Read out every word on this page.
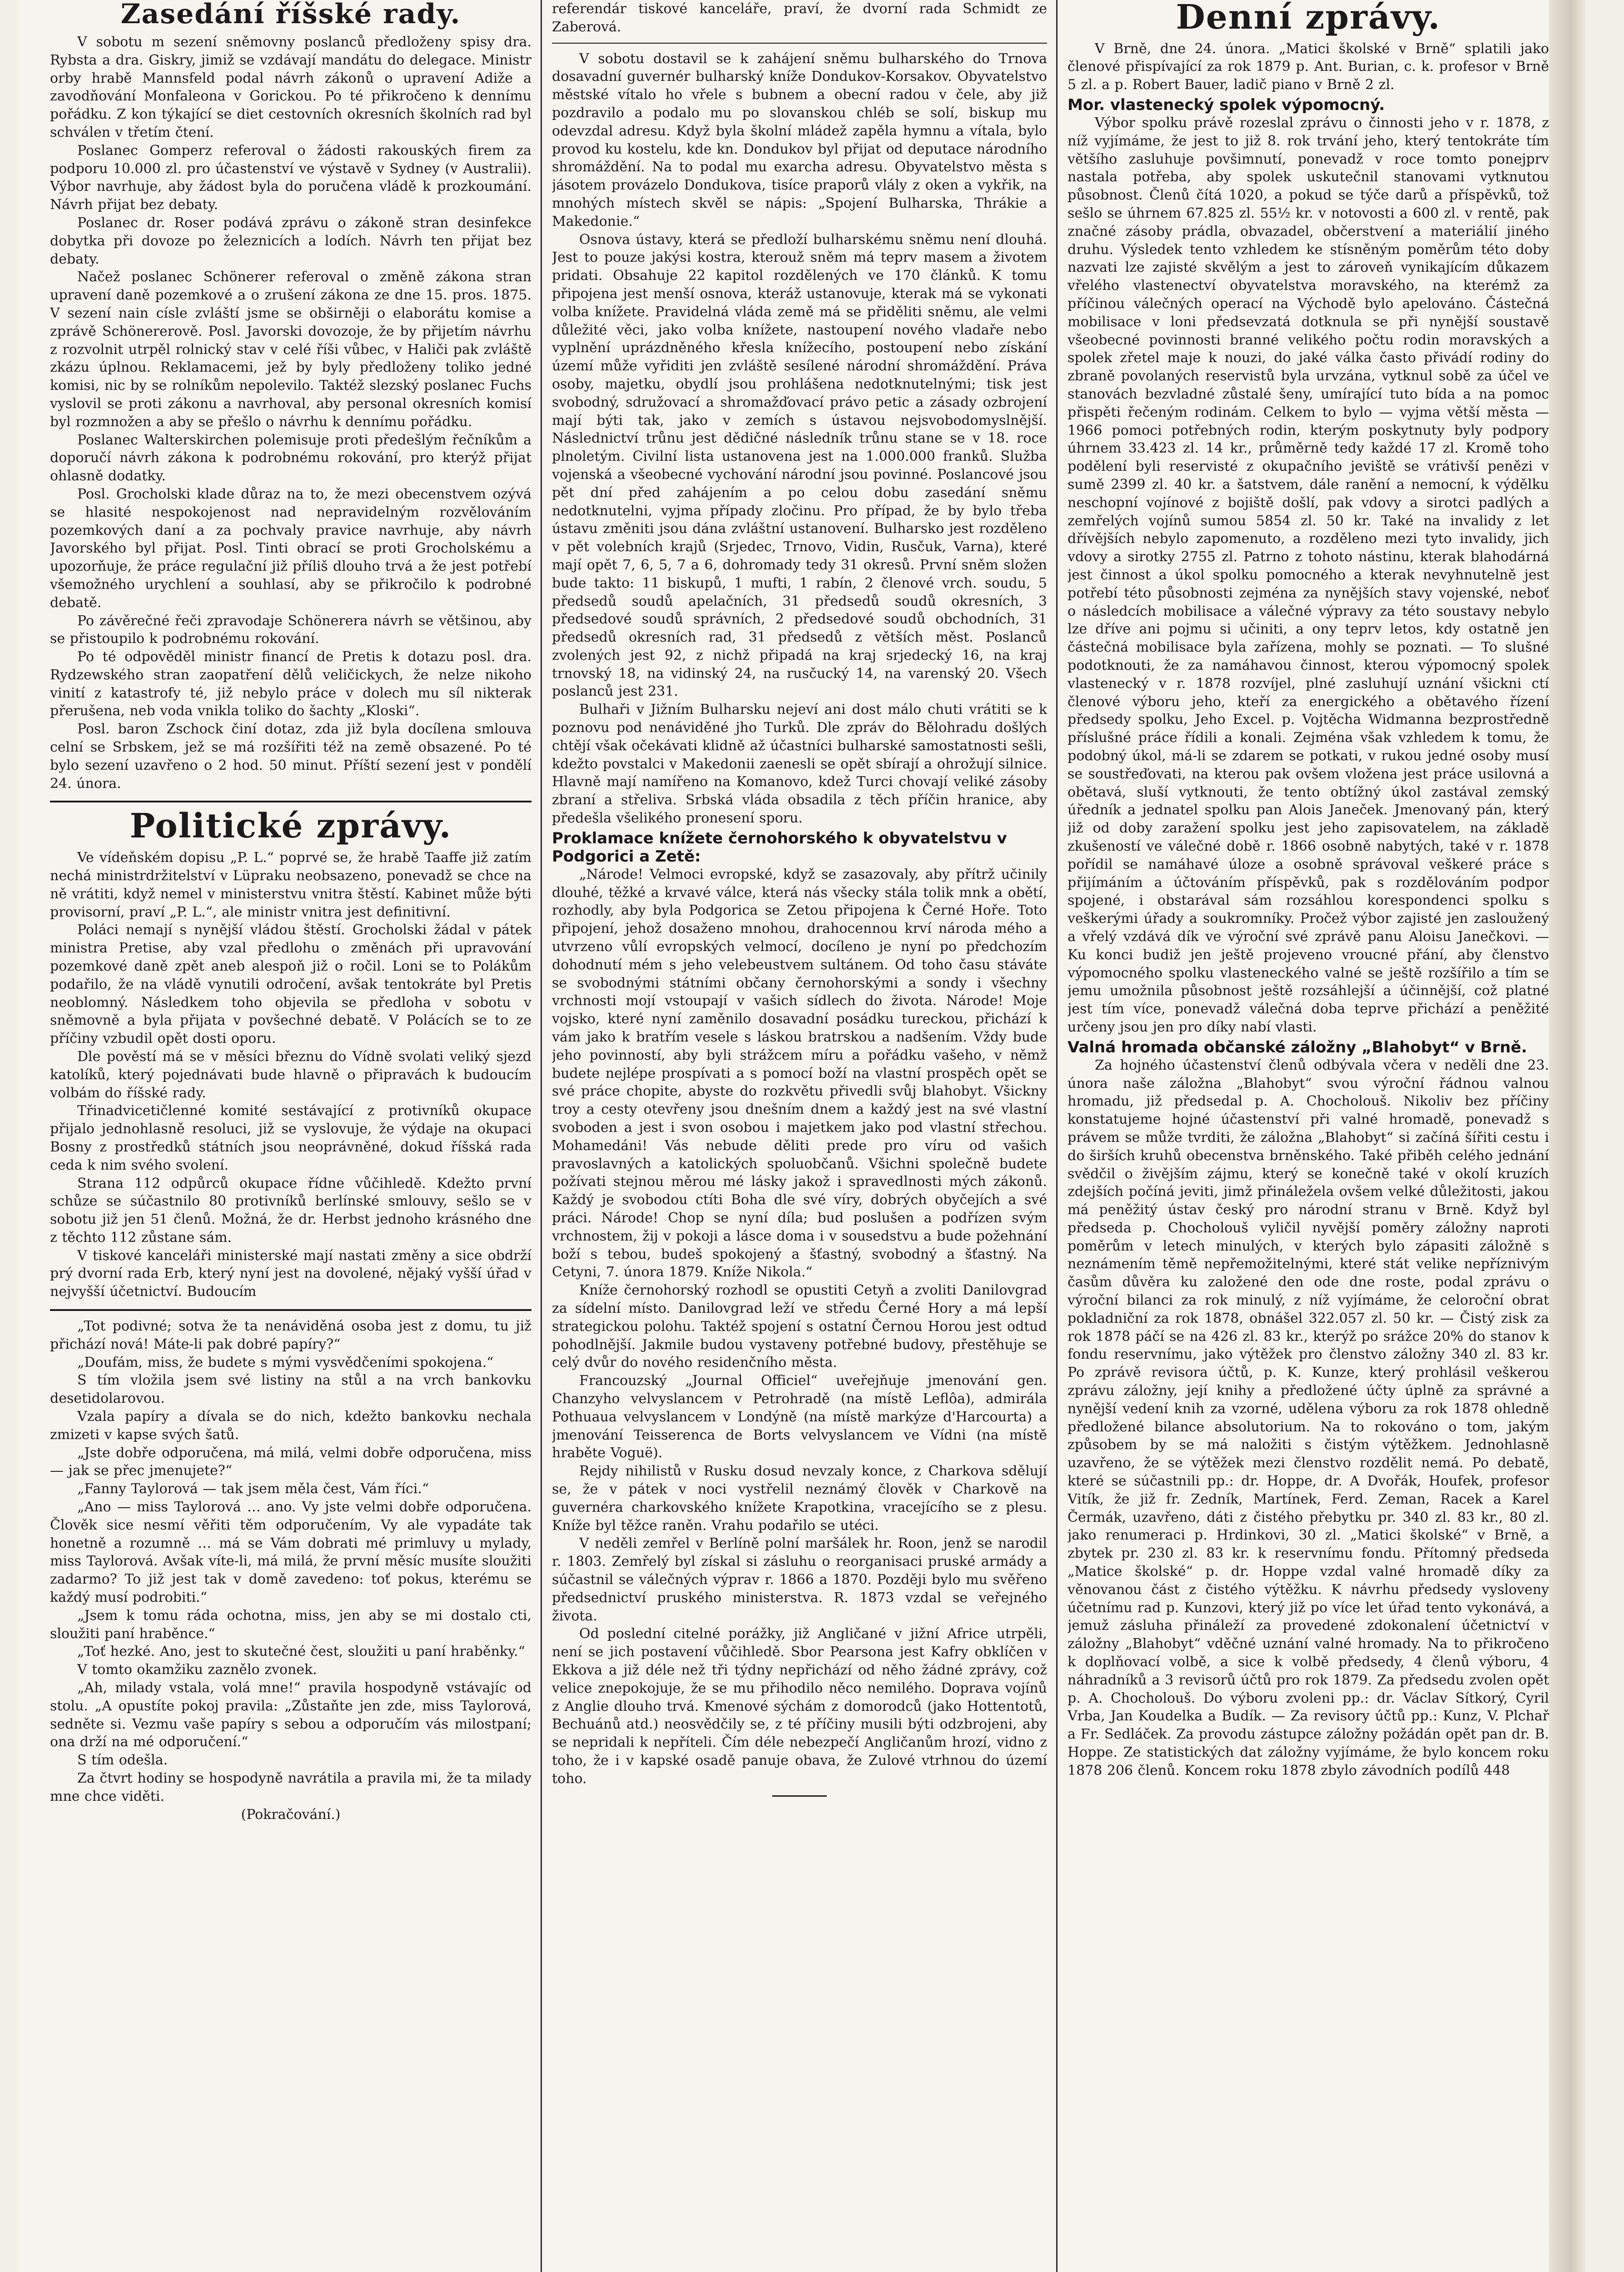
Zasedání říšské rady.

V sobotu m sezení sněmovny poslanců předloženy spisy dra. Rybsta a dra. Giskry, jimiž se vzdávají mandátu do delegace. Ministr orby hrabě Mannsfeld podal návrh zákonů o upravení Adiže a zavodňování Monfaleona v Gorickou. Po té přikročeno k dennímu pořádku. Z kon týkající se diet cestovních okresních školních rad byl schválen v třetím čtení.

Poslanec Gomperz referoval o žádosti rakouských firem za podporu 10.000 zl. pro účastenství ve výstavě v Sydney (v Australii). Výbor navrhuje, aby žádost byla do poručena vládě k prozkoumání. Návrh přijat bez debaty.

Poslanec dr. Roser podává zprávu o zákoně stran desinfekce dobytka při dovoze po železnicích a lodích. Návrh ten přijat bez debaty.

Načež poslanec Schönerer referoval o změně zákona stran upravení daně pozemkové a o zrušení zákona ze dne 15. pros. 1875. V sezení nain císle zvláští jsme se obširněji o elaborátu komise a zprávě Schönererově. Posl. Javorski dovozoje, že by přijetím návrhu z rozvolnit utrpěl rolnický stav v celé říši vůbec, v Haliči pak zvláště zkázu úplnou. Reklamacemi, jež by byly předloženy toliko jedné komisi, nic by se rolníkům nepolevilo. Taktéž slezský poslanec Fuchs vyslovil se proti zákonu a navrhoval, aby personal okresních komisí byl rozmnožen a aby se přešlo o návrhu k dennímu pořádku.

Poslanec Walterskirchen polemisuje proti předešlým řečníkům a doporučí návrh zákona k podrobnému rokování, pro kterýž přijat ohlasně dodatky.

Posl. Grocholski klade důraz na to, že mezi obecenstvem ozývá se hlasité nespokojenost nad nepravidelným rozvělováním pozemkových daní a za pochvaly pravice navrhuje, aby návrh Javorského byl přijat. Posl. Tinti obrací se proti Grocholskému a upozorňuje, že práce regulační již příliš dlouho trvá a že jest potřebí všemožného urychlení a souhlasí, aby se přikročilo k podrobné debatě.

Po závěrečné řeči zpravodaje Schönerera návrh se většinou, aby se přistoupilo k podrobnému rokování.

Po té odpověděl ministr financí de Pretis k dotazu posl. dra. Rydzewského stran zaopatření dělů veličickych, že nelze nikoho vinití z katastrofy té, již nebylo práce v dolech mu síl nikterak přerušena, neb voda vnikla toliko do šachty „Kloski“.

Posl. baron Zschock činí dotaz, zda již byla docílena smlouva celní se Srbskem, jež se má rozšířiti též na země obsazené. Po té bylo sezení uzavřeno o 2 hod. 50 minut. Příští sezení jest v pondělí 24. února.

Politické zprávy.

Ve vídeňském dopisu „P. L.“ poprvé se, že hrabě Taaffe již zatím nechá ministrdržitelství v Lüpraku neobsazeno, ponevadž se chce na ně vrátiti, když nemel v ministerstvu vnitra štěstí. Kabinet může býti provisorní, praví „P. L.“, ale ministr vnitra jest definitivní.

Poláci nemají s nynější vládou štěstí. Grocholski žádal v pátek ministra Pretise, aby vzal předlohu o změnách při upravování pozemkové daně zpět aneb alespoň již o ročil. Loni se to Polákům podařilo, že na vládě vynutili odročení, avšak tentokráte byl Pretis neoblomný. Následkem toho objevila se předloha v sobotu v sněmovně a byla přijata v povšechné debatě. V Polácích se to ze příčiny vzbudil opět dosti oporu.

Dle pověstí má se v měsíci březnu do Vídně svolati veliký sjezd katolíků, který pojednávati bude hlavně o připravách k budoucím volbám do říšské rady.

Třinadvicetičlenné komité sestávající z protivníků okupace přijalo jednohlasně resoluci, již se vyslovuje, že výdaje na okupaci Bosny z prostředků státních jsou neoprávněné, dokud říšská rada ceda k nim svého svolení.

Strana 112 odpůrců okupace řídne vůčihledě. Kdežto první schůze se súčastnilo 80 protivníků berlínské smlouvy, sešlo se v sobotu již jen 51 členů. Možná, že dr. Herbst jednoho krásného dne z těchto 112 zůstane sám.

V tiskové kanceláři ministerské mají nastati změny a sice obdrží prý dvorní rada Erb, který nyní jest na dovolené, nějaký vyšší úřad v nejvyšší účetnictví. Budoucím

„Tot podivné; sotva že ta nenáviděná osoba jest z domu, tu již přichází nová! Máte-li pak dobré papíry?“

„Doufám, miss, že budete s mými vysvědčeními spokojena.“

S tím vložila jsem své listiny na stůl a na vrch bankovku desetidolarovou.

Vzala papíry a dívala se do nich, kdežto bankovku nechala zmizeti v kapse svých šatů.

„Jste dobře odporučena, má milá, velmi dobře odporučena, miss — jak se přec jmenujete?“

„Fanny Taylorová — tak jsem měla čest, Vám říci.“

„Ano — miss Taylorová … ano. Vy jste velmi dobře odporučena. Člověk sice nesmí věřiti těm odporučením, Vy ale vypadáte tak honetně a rozumně … má se Vám dobrati mé primluvy u mylady, miss Taylorová. Avšak víte-li, má milá, že první měsíc musíte sloužiti zadarmo? To již jest tak v domě zavedeno: toť pokus, kterému se každý musí podrobiti.“

„Jsem k tomu ráda ochotna, miss, jen aby se mi dostalo cti, sloužiti paní hraběnce.“

„Toť hezké. Ano, jest to skutečné čest, sloužiti u paní hraběnky.“

V tomto okamžiku zaznělo zvonek.

„Ah, milady vstala, volá mne!“ pravila hospodyně vstávajíc od stolu. „A opustíte pokoj pravila: „Zůstaňte jen zde, miss Taylorová, sedněte si. Vezmu vaše papíry s sebou a odporučím vás milostpaní; ona drží na mé odporučení.“

S tím odešla.

Za čtvrt hodiny se hospodyně navrátila a pravila mi, že ta milady mne chce viděti.

(Pokračování.)

referendár tiskové kanceláře, praví, že dvorní rada Schmidt ze Zaberová.

V sobotu dostavil se k zahájení sněmu bulharského do Trnova dosavadní guvernér bulharský kníže Dondukov-Korsakov. Obyvatelstvo městské vítalo ho vřele s bubnem a obecní radou v čele, aby již pozdravilo a podalo mu po slovanskou chléb se solí, biskup mu odevzdal adresu. Když byla školní mládež zapěla hymnu a vítala, bylo provod ku kostelu, kde kn. Dondukov byl přijat od deputace národního shromáždění. Na to podal mu exarcha adresu. Obyvatelstvo města s jásotem provázelo Dondukova, tisíce praporů vlály z oken a vykřik, na mnohých místech skvěl se nápis: „Spojení Bulharska, Thrákie a Makedonie.“

Osnova ústavy, která se předloží bulharskému sněmu není dlouhá. Jest to pouze jakýsi kostra, kterouž sněm má teprv masem a životem pridati. Obsahuje 22 kapitol rozdělených ve 170 článků. K tomu připojena jest menší osnova, kteráž ustanovuje, kterak má se vykonati volba knížete. Pravidelná vláda země má se přiděliti sněmu, ale velmi důležité věci, jako volba knížete, nastoupení nového vladaře nebo vyplnění uprázdněného křesla knížecího, postoupení nebo získání území může vyřiditi jen zvláště sesílené národní shromáždění. Práva osoby, majetku, obydlí jsou prohlášena nedotknutelnými; tisk jest svobodný, sdružovací a shromažďovací právo petic a zásady ozbrojení mají býti tak, jako v zemích s ústavou nejsvobodomyslnější. Následnictví trůnu jest dědičné následník trůnu stane se v 18. roce plnoletým. Civilní lista ustanovena jest na 1.000.000 franků. Služba vojenská a všeobecné vychování národní jsou povinné. Poslancové jsou pět dní před zahájením a po celou dobu zasedání sněmu nedotknutelni, vyjma případy zločinu. Pro případ, že by bylo třeba ústavu změniti jsou dána zvláštní ustanovení. Bulharsko jest rozděleno v pět volebních krajů (Srjedec, Trnovo, Vidin, Rusčuk, Varna), které mají opět 7, 6, 5, 7 a 6, dohromady tedy 31 okresů. První sněm složen bude takto: 11 biskupů, 1 mufti, 1 rabín, 2 členové vrch. soudu, 5 předsedů soudů apelačních, 31 předsedů soudů okresních, 3 předsedové soudů správních, 2 předsedové soudů obchodních, 31 předsedů okresních rad, 31 předsedů z větších měst. Poslanců zvolených jest 92, z nichž připadá na kraj srjedecký 16, na kraj trnovský 18, na vidinský 24, na rusčucký 14, na varenský 20. Všech poslanců jest 231.

Bulhaři v Jižním Bulharsku nejeví ani dost málo chuti vrátiti se k poznovu pod nenáviděné jho Turků. Dle zpráv do Bělohradu došlých chtějí však očekávati klidně až účastníci bulharské samostatnosti sešli, kdežto povstalci v Makedonii zaenesli se opět sbírají a ohrožují silnice. Hlavně mají namířeno na Komanovo, kdež Turci chovají veliké zásoby zbraní a střeliva. Srbská vláda obsadila z těch příčin hranice, aby předešla všelikého pronesení sporu.

Proklamace knížete černohorského k obyvatelstvu v Podgorici a Zetě:

„Národe! Velmoci evropské, když se zasazovaly, aby přítrž učinily dlouhé, těžké a krvavé válce, která nás všecky stála tolik mnk a obětí, rozhodly, aby byla Podgorica se Zetou připojena k Černé Hoře. Toto připojení, jehož dosaženo mnohou, drahocennou krví národa mého a utvrzeno vůlí evropských velmocí, docíleno je nyní po předchozím dohodnutí mém s jeho velebeustvem sultánem. Od toho času stáváte se svobodnými státními občany černohorskými a sondy i všechny vrchnosti mojí vstoupají v vašich sídlech do života. Národe! Moje vojsko, které nyní zaměnilo dosavadní posádku tureckou, přichází k vám jako k bratřím vesele s láskou bratrskou a nadšením. Vždy bude jeho povinností, aby byli strážcem míru a pořádku vašeho, v němž budete nejlépe prospívati a s pomocí boží na vlastní prospěch opět se své práce chopite, abyste do rozkvětu přivedli svůj blahobyt. Všickny troy a cesty otevřeny jsou dnešním dnem a každý jest na své vlastní svoboden a jest i svon osobou i majetkem jako pod vlastní střechou. Mohamedáni! Vás nebude děliti prede pro víru od vašich pravoslavných a katolických spoluobčanů. Všichni společně budete požívati stejnou měrou mé lásky jakož i spravedlnosti mých zákonů. Každý je svobodou ctíti Boha dle své víry, dobrých obyčejích a své práci. Národe! Chop se nyní díla; bud poslušen a podřízen svým vrchnostem, žij v pokoji a lásce doma i v sousedstvu a bude požehnání boží s tebou, budeš spokojený a šťastný, svobodný a šťastný. Na Cetyni, 7. února 1879. Kníže Nikola.“

Kníže černohorský rozhodl se opustiti Cetyň a zvoliti Danilovgrad za sídelní místo. Danilovgrad leží ve středu Černé Hory a má lepší strategickou polohu. Taktéž spojení s ostatní Černou Horou jest odtud pohodlnější. Jakmile budou vystaveny potřebné budovy, přestěhuje se celý dvůr do nového residenčního města.

Francouzský „Journal Officiel“ uveřejňuje jmenování gen. Chanzyho velvyslancem v Petrohradě (na místě Leflôa), admirála Pothuaua velvyslancem v Londýně (na místě markýze d'Harcourta) a jmenování Teisserenca de Borts velvyslancem ve Vídni (na místě hraběte Voguë).

Rejdy nihilistů v Rusku dosud nevzaly konce, z Charkova sdělují se, že v pátek v noci vystřelil neznámý člověk v Charkově na guvernéra charkovského knížete Krapotkina, vracejícího se z plesu. Kníže byl těžce raněn. Vrahu podařilo se utéci.

V neděli zemřel v Berlíně polní maršálek hr. Roon, jenž se narodil r. 1803. Zemřelý byl získal si zásluhu o reorganisaci pruské armády a súčastnil se válečných výprav r. 1866 a 1870. Později bylo mu svěřeno předsednictví pruského ministerstva. R. 1873 vzdal se veřejného života.

Od poslední citelné porážky, již Angličané v jižní Africe utrpěli, není se jich postavení vůčihledě. Sbor Pearsona jest Kafry obklíčen v Ekkova a již déle než tři týdny nepřichází od něho žádné zprávy, což velice znepokojuje, že se mu přihodilo něco nemilého. Doprava vojínů z Anglie dlouho trvá. Kmenové sýchám z domorodců (jako Hottentotů, Bechuánů atd.) neosvědčily se, z té příčiny musili býti odzbrojeni, aby se nepridali k nepříteli. Čím déle nebezpečí Angličanům hrozí, vidno z toho, že i v kapské osadě panuje obava, že Zulové vtrhnou do území toho.

Denní zprávy.

V Brně, dne 24. února. „Matici školské v Brně“ splatili jako členové přispívající za rok 1879 p. Ant. Burian, c. k. profesor v Brně 5 zl. a p. Robert Bauer, ladič piano v Brně 2 zl.

Mor. vlastenecký spolek výpomocný.

Výbor spolku právě rozeslal zprávu o činnosti jeho v r. 1878, z níž vyjímáme, že jest to již 8. rok trvání jeho, který tentokráte tím většího zasluhuje povšimnutí, ponevadž v roce tomto ponejprv nastala potřeba, aby spolek uskutečnil stanovami vytknutou působnost. Členů čítá 1020, a pokud se týče darů a příspěvků, tož sešlo se úhrnem 67.825 zl. 55½ kr. v notovosti a 600 zl. v rentě, pak značné zásoby prádla, obvazadel, občerstvení a materiálií jiného druhu. Výsledek tento vzhledem ke stísněným poměrům této doby nazvati lze zajisté skvělým a jest to zároveň vynikajícím důkazem vřelého vlastenectví obyvatelstva moravského, na kterémž za příčinou válečných operací na Východě bylo apelováno. Částečná mobilisace v loni předsevzatá dotknula se při nynější soustavě všeobecné povinnosti branné velikého počtu rodin moravských a spolek zřetel maje k nouzi, do jaké válka často přivádí rodiny do zbraně povolaných reservistů byla urvzána, vytknul sobě za účel ve stanovách bezvladné zůstalé šeny, umírající tuto bída a na pomoc přispěti řečeným rodinám. Celkem to bylo — vyjma větší města — 1966 pomoci potřebných rodin, kterým poskytnuty byly podpory úhrnem 33.423 zl. 14 kr., průměrně tedy každé 17 zl. Kromě toho podělení byli reservisté z okupačního jeviště se vrátivší penězi v sumě 2399 zl. 40 kr. a šatstvem, dále ranění a nemocní, k výdělku neschopní vojínové z bojiště došlí, pak vdovy a sirotci padlých a zemřelých vojínů sumou 5854 zl. 50 kr. Také na invalidy z let dřívějších nebylo zapomenuto, a rozděleno mezi tyto invalidy, jich vdovy a sirotky 2755 zl. Patrno z tohoto nástinu, kterak blahodárná jest činnost a úkol spolku pomocného a kterak nevyhnutelně jest potřebí této působnosti zejména za nynějších stavy vojenské, neboť o následcích mobilisace a válečné výpravy za této soustavy nebylo lze dříve ani pojmu si učiniti, a ony teprv letos, kdy ostatně jen částečná mobilisace byla zařízena, mohly se poznati. — To slušné podotknouti, že za namáhavou činnost, kterou výpomocný spolek vlastenecký v r. 1878 rozvíjel, plné zasluhují uznání všickni ctí členové výboru jeho, kteří za energického a obětavého řízení předsedy spolku, Jeho Excel. p. Vojtěcha Widmanna bezprostředně příslušné práce řídili a konali. Zejména však vzhledem k tomu, že podobný úkol, má-li se zdarem se potkati, v rukou jedné osoby musí se soustřeďovati, na kterou pak ovšem vložena jest práce usilovná a obětavá, sluší vytknouti, že tento obtížný úkol zastával zemský úředník a jednatel spolku pan Alois Janeček. Jmenovaný pán, který již od doby zaražení spolku jest jeho zapisovatelem, na základě zkušeností ve válečné době r. 1866 osobně nabytých, také v r. 1878 pořídil se namáhavé úloze a osobně správoval veškeré práce s přijímáním a účtováním příspěvků, pak s rozdělováním podpor spojené, i obstarával sám rozsáhlou korespondenci spolku s veškerými úřady a soukromníky. Pročež výbor zajisté jen zasloužený a vřelý vzdává dík ve výroční své zprávě panu Aloisu Janečkovi. — Ku konci budiž jen ještě projeveno vroucné přání, aby členstvo výpomocného spolku vlasteneckého valné se ještě rozšířilo a tím se jemu umožnila působnost ještě rozsáhlejší a účinnější, což platné jest tím více, ponevadž válečná doba teprve přichází a peněžité určeny jsou jen pro díky nabí vlasti.

Valná hromada občanské záložny „Blahobyt“ v Brně.

Za hojného účastenství členů odbývala včera v neděli dne 23. února naše záložna „Blahobyt“ svou výroční řádnou valnou hromadu, již předsedal p. A. Chocholouš. Nikoliv bez příčiny konstatujeme hojné účastenství při valné hromadě, ponevadž s právem se může tvrditi, že záložna „Blahobyt“ si začíná šířiti cestu i do širších kruhů obecenstva brněnského. Také přiběh celého jednání svědčil o živějším zájmu, který se konečně také v okolí kruzích zdejších počíná jeviti, jimž přináležela ovšem velké důležitosti, jakou má peněžitý ústav český pro národní stranu v Brně. Když byl předseda p. Chocholouš vyličil nyvější poměry záložny naproti poměrům v letech minulých, v kterých bylo zápasiti záložně s neznámením těmě nepřemožitelnými, které stát velike nepříznivým časům důvěra ku založené den ode dne roste, podal zprávu o výroční bilanci za rok minulý, z níž vyjímáme, že celoroční obrat pokladniční za rok 1878, obnášel 322.057 zl. 50 kr. — Čistý zisk za rok 1878 páčí se na 426 zl. 83 kr., kterýž po srážce 20% do stanov k fondu reservnímu, jako výtěžek pro členstvo záložny 340 zl. 83 kr. Po zprávě revisora účtů, p. K. Kunze, který prohlásil veškerou zprávu záložny, její knihy a předložené účty úplně za správné a nynější vedení knih za vzorné, udělena výboru za rok 1878 ohledně předložené bilance absolutorium. Na to rokováno o tom, jakým způsobem by se má naložiti s čistým výtěžkem. Jednohlasně uzavřeno, že se výtěžek mezi členstvo rozdělit nemá. Po debatě, které se súčastnili pp.: dr. Hoppe, dr. A Dvořák, Houfek, profesor Vitík, že již fr. Zedník, Martínek, Ferd. Zeman, Racek a Karel Čermák, uzavřeno, dáti z čistého přebytku pr. 340 zl. 83 kr., 80 zl. jako renumeraci p. Hrdinkovi, 30 zl. „Matici školské“ v Brně, a zbytek pr. 230 zl. 83 kr. k reservnímu fondu. Přítomný předseda „Matice školské“ p. dr. Hoppe vzdal valné hromadě díky za věnovanou část z čistého výtěžku. K návrhu předsedy vysloveny účetnímu rad p. Kunzovi, který již po více let úřad tento vykonává, a jemuž zásluha přináleží za provedené zdokonalení účetnictví v záložny „Blahobyt“ vděčné uznání valné hromady. Na to přikročeno k doplňovací volbě, a sice k volbě předsedy, 4 členů výboru, 4 náhradníků a 3 revisorů účtů pro rok 1879. Za předsedu zvolen opět p. A. Chocholouš. Do výboru zvoleni pp.: dr. Václav Sítkorý, Cyril Vrba, Jan Koudelka a Budík. — Za revisory účtů pp.: Kunz, V. Plchař a Fr. Sedláček. Za provodu zástupce záložny požádán opět pan dr. B. Hoppe. Ze statistických dat záložny vyjímáme, že bylo koncem roku 1878 206 členů. Koncem roku 1878 zbylo závodních podílů 448
